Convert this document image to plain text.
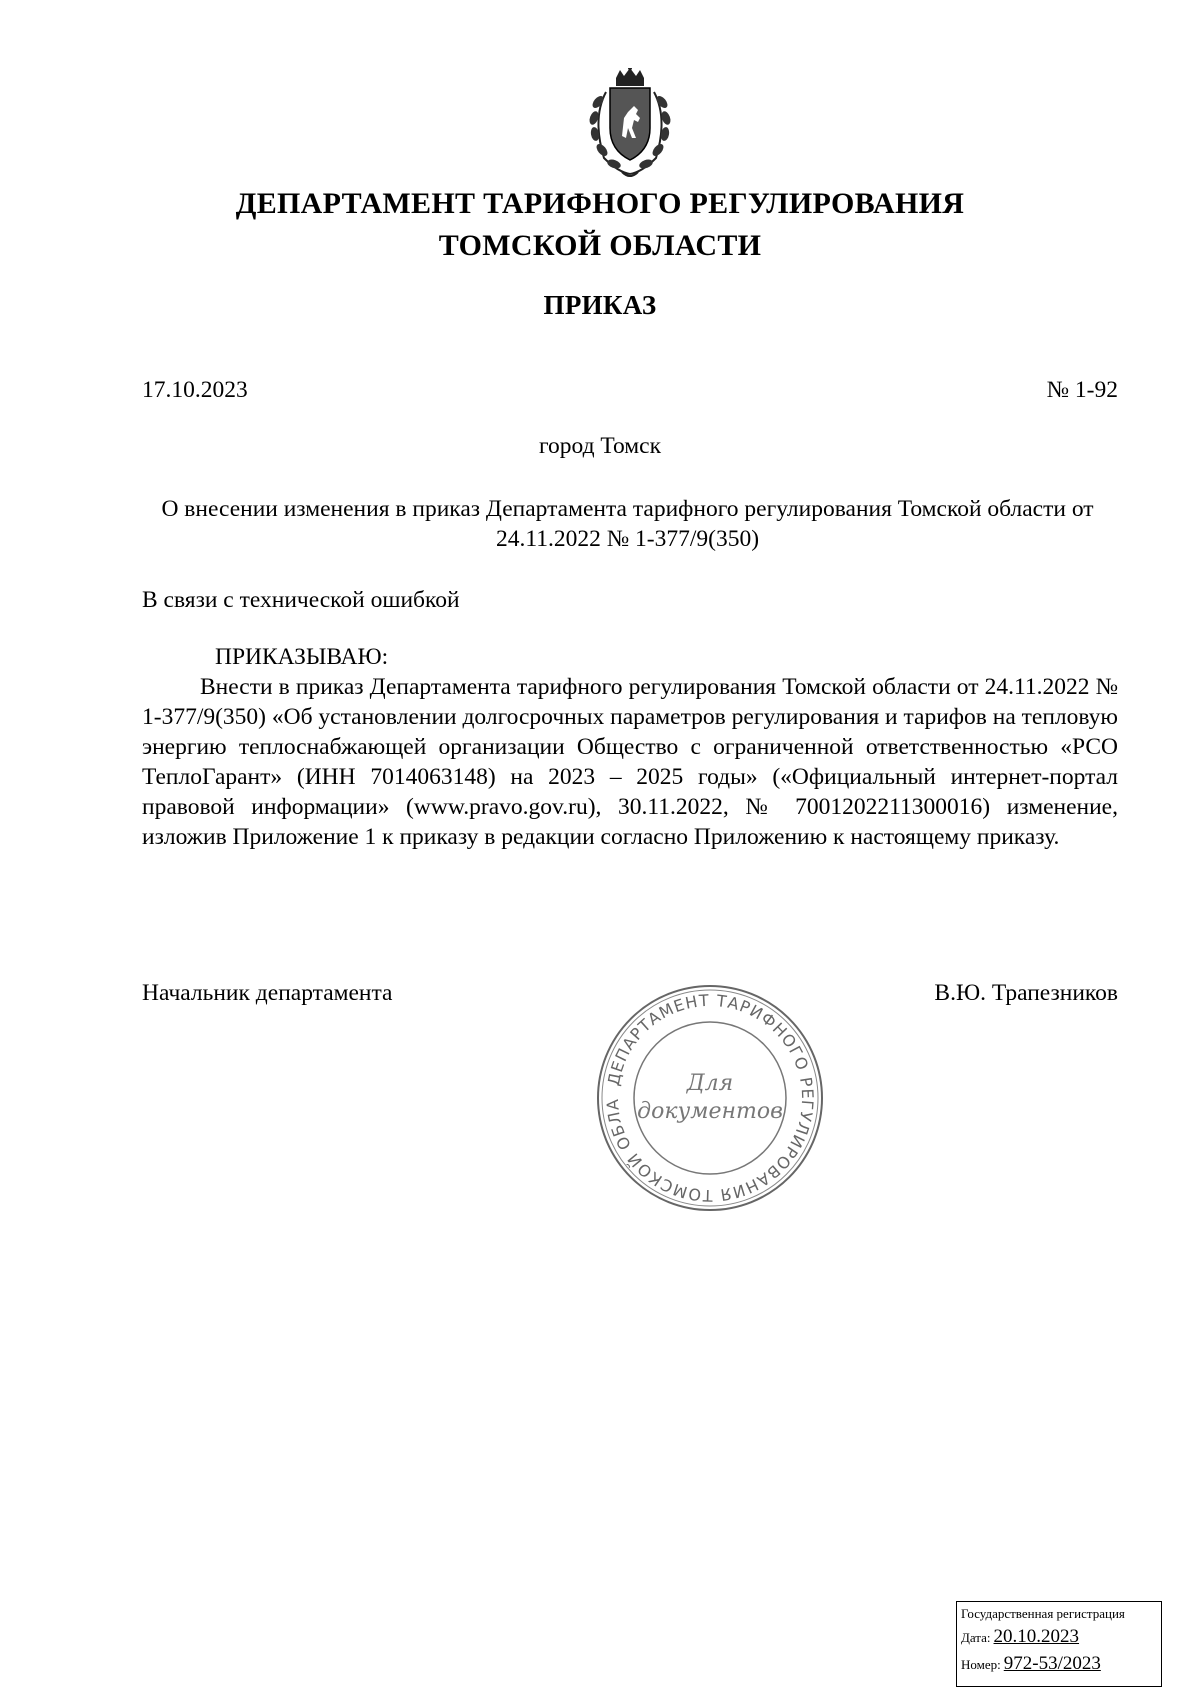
ДЕПАРТАМЕНТ ТАРИФНОГО РЕГУЛИРОВАНИЯ
ТОМСКОЙ ОБЛАСТИ
ПРИКАЗ
17.10.2023	№ 1-92
город Томск
О внесении изменения в приказ Департамента тарифного регулирования Томской области от 24.11.2022 № 1-377/9(350)
В связи с технической ошибкой
ПРИКАЗЫВАЮ:
Внести в приказ Департамента тарифного регулирования Томской области от 24.11.2022 № 1-377/9(350) «Об установлении долгосрочных параметров регулирования и тарифов на тепловую энергию теплоснабжающей организации Общество с ограниченной ответственностью «РСО ТеплоГарант» (ИНН 7014063148) на 2023 – 2025 годы» («Официальный интернет-портал правовой информации» (www.pravo.gov.ru), 30.11.2022, № 7001202211300016) изменение, изложив Приложение 1 к приказу в редакции согласно Приложению к настоящему приказу.
Начальник департамента	В.Ю. Трапезников
ДЕПАРТАМЕНТ ТАРИФНОГО РЕГУЛИРОВАНИЯ ТОМСКОЙ ОБЛА
Для
документов
Государственная регистрация
Дата: 20.10.2023
Номер: 972-53/2023
